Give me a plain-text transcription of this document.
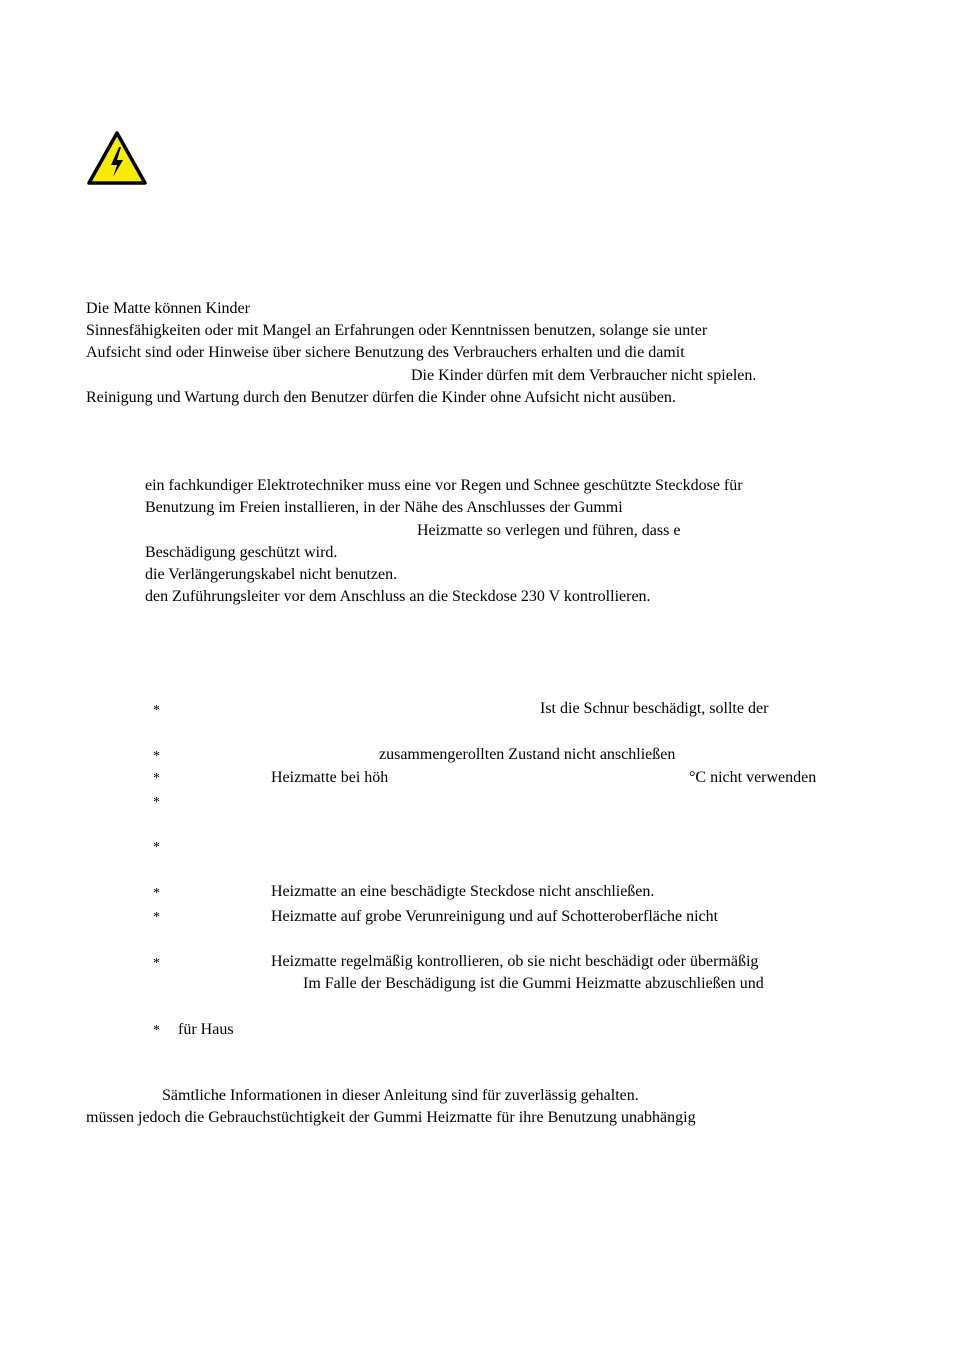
Die Matte können Kinder
Sinnesfähigkeiten oder mit Mangel an Erfahrungen oder Kenntnissen benutzen, solange sie unter
Aufsicht sind oder Hinweise über sichere Benutzung des Verbrauchers erhalten und die damit
Die Kinder dürfen mit dem Verbraucher nicht spielen.
Reinigung und Wartung durch den Benutzer dürfen die Kinder ohne Aufsicht nicht ausüben.
ein fachkundiger Elektrotechniker muss eine vor Regen und Schnee geschützte Steckdose für
Benutzung im Freien installieren, in der Nähe des Anschlusses der Gummi
Heizmatte so verlegen und führen, dass e
Beschädigung geschützt wird.
die Verlängerungskabel nicht benutzen.
den Zuführungsleiter vor dem Anschluss an die Steckdose 230 V kontrollieren.
*	Ist die Schnur beschädigt, sollte der
*	zusammengerollten Zustand nicht anschließen
*	Heizmatte bei höh	°C nicht verwenden
*
*
*	Heizmatte an eine beschädigte Steckdose nicht anschließen.
*	Heizmatte auf grobe Verunreinigung und auf Schotteroberfläche nicht
*	Heizmatte regelmäßig kontrollieren, ob sie nicht beschädigt oder übermäßig
Im Falle der Beschädigung ist die Gummi Heizmatte abzuschließen und
* für Haus
Sämtliche Informationen in dieser Anleitung sind für zuverlässig gehalten.
müssen jedoch die Gebrauchstüchtigkeit der Gummi Heizmatte für ihre Benutzung unabhängig
